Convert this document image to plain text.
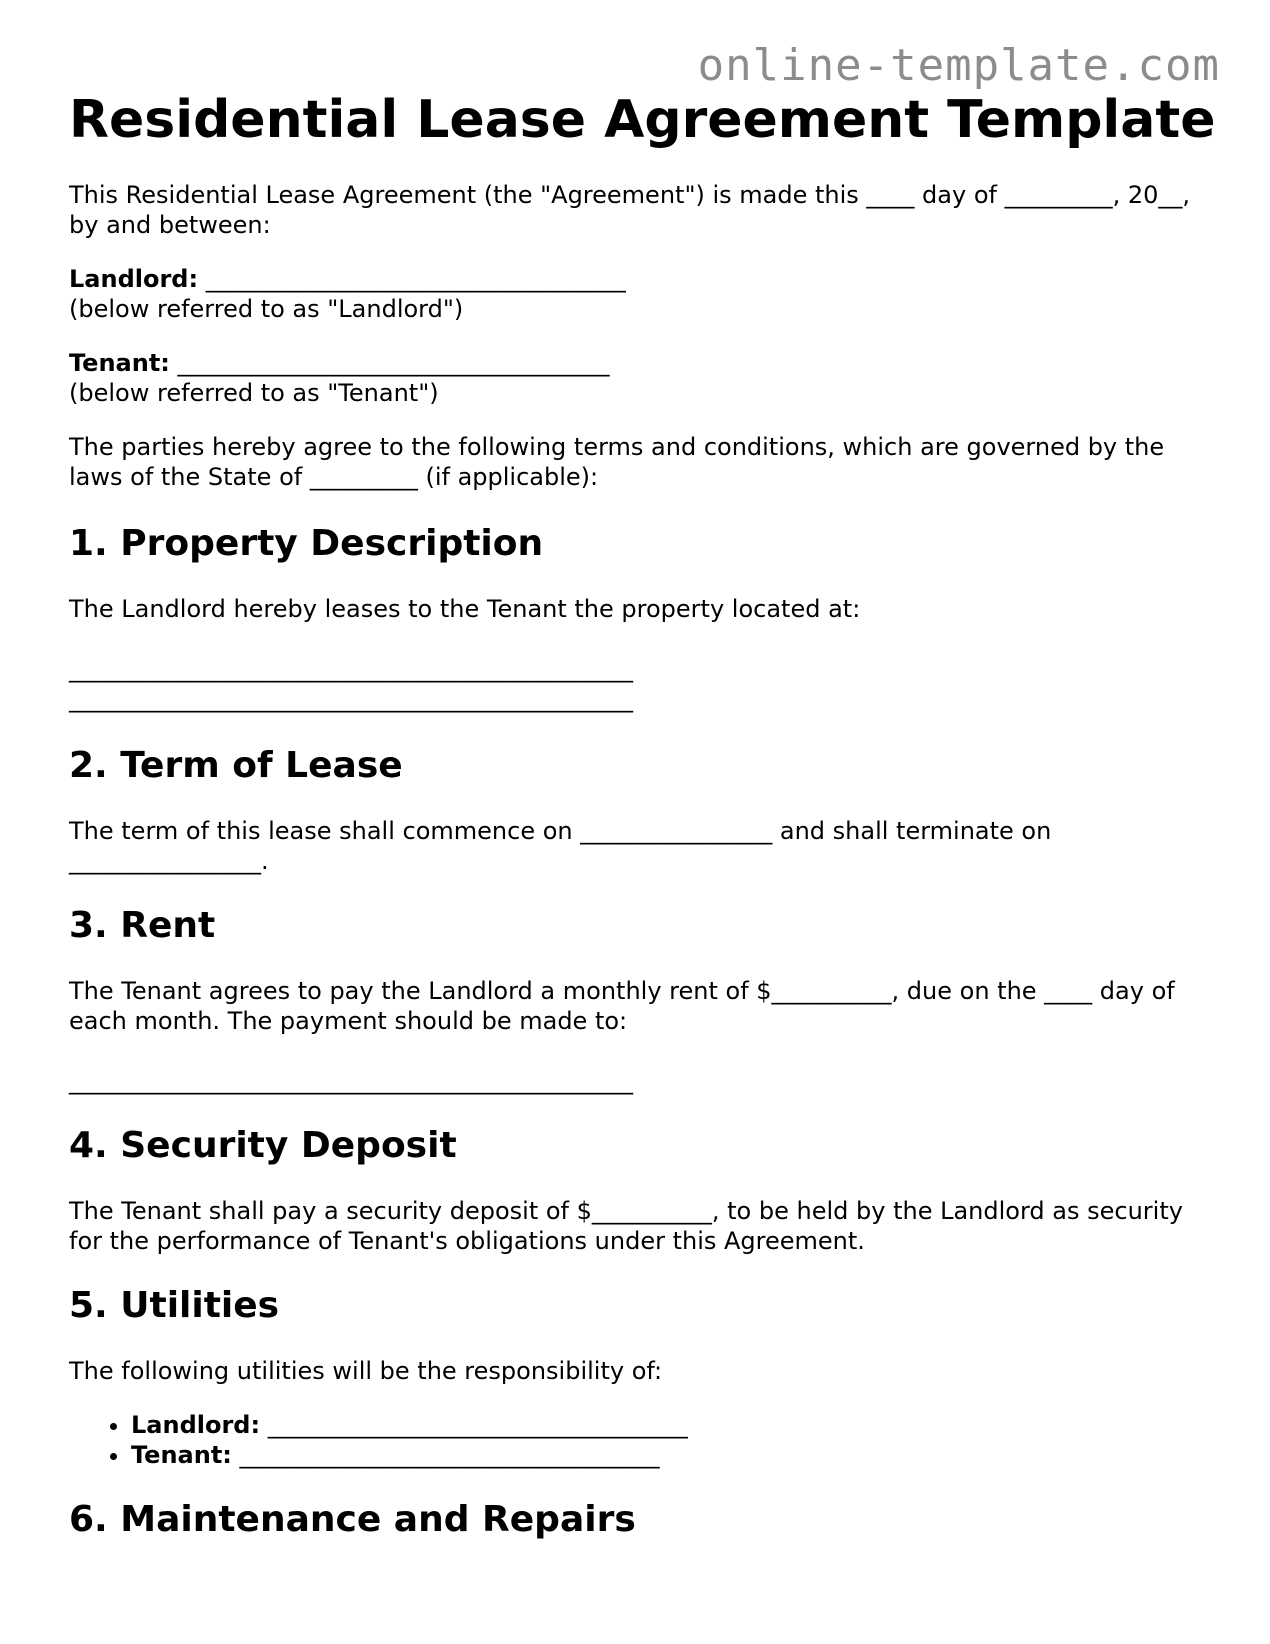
online-template.com
Residential Lease Agreement Template

This Residential Lease Agreement (the "Agreement") is made this ____ day of _________, 20__, by and between:

Landlord: ___________________________________
(below referred to as "Landlord")
Tenant: ____________________________________
(below referred to as "Tenant")

The parties hereby agree to the following terms and conditions, which are governed by the laws of the State of _________ (if applicable):

1. Property Description

The Landlord hereby leases to the Tenant the property located at:

_______________________________________________
_______________________________________________
2. Term of Lease

The term of this lease shall commence on ________________ and shall terminate on ________________.

3. Rent

The Tenant agrees to pay the Landlord a monthly rent of $__________, due on the ____ day of each month. The payment should be made to:

_______________________________________________
4. Security Deposit

The Tenant shall pay a security deposit of $__________, to be held by the Landlord as security for the performance of Tenant's obligations under this Agreement.

5. Utilities

The following utilities will be the responsibility of:

• Landlord: ___________________________________
• Tenant: ___________________________________
6. Maintenance and Repairs
